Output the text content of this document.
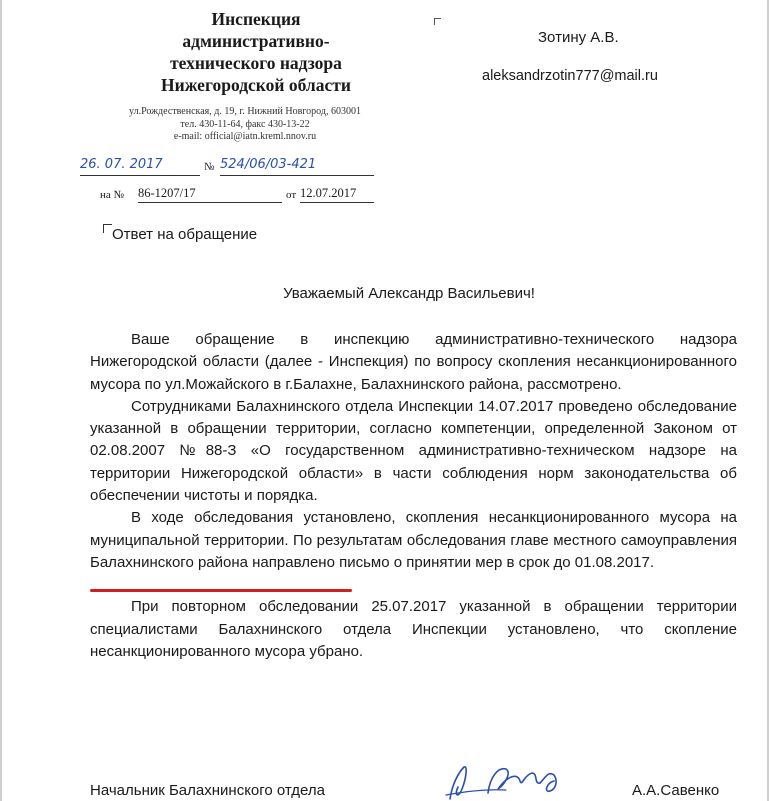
Инспекция
административно-
технического надзора
Нижегородской области
ул.Рождественская, д. 19, г. Нижний Новгород, 603001
тел. 430-11-64, факс 430-13-22
e-mail: official@iatn.kreml.nnov.ru
26. 07. 2017	№ 524/06/03-421
на № 86-1207/17	от 12.07.2017
Ответ на обращение
Зотину А.В.
aleksandrzotin777@mail.ru
Уважаемый Александр Васильевич!

Ваше обращение в инспекцию административно-технического надзора Нижегородской области (далее - Инспекция) по вопросу скопления несанкционированного мусора по ул.Можайского в г.Балахне, Балахнинского района, рассмотрено.

Сотрудниками Балахнинского отдела Инспекции 14.07.2017 проведено обследование указанной в обращении территории, согласно компетенции, определенной Законом от 02.08.2007 №88-З «О государственном административно-техническом надзоре на территории Нижегородской области» в части соблюдения норм законодательства об обеспечении чистоты и порядка.

В ходе обследования установлено, скопления несанкционированного мусора на муниципальной территории. По результатам обследования главе местного самоуправления Балахнинского района направлено письмо о принятии мер в срок до 01.08.2017.

При повторном обследовании 25.07.2017 указанной в обращении территории специалистами Балахнинского отдела Инспекции установлено, что скопление несанкционированного мусора убрано.

Начальник Балахнинского отдела	А.А.Савенко
